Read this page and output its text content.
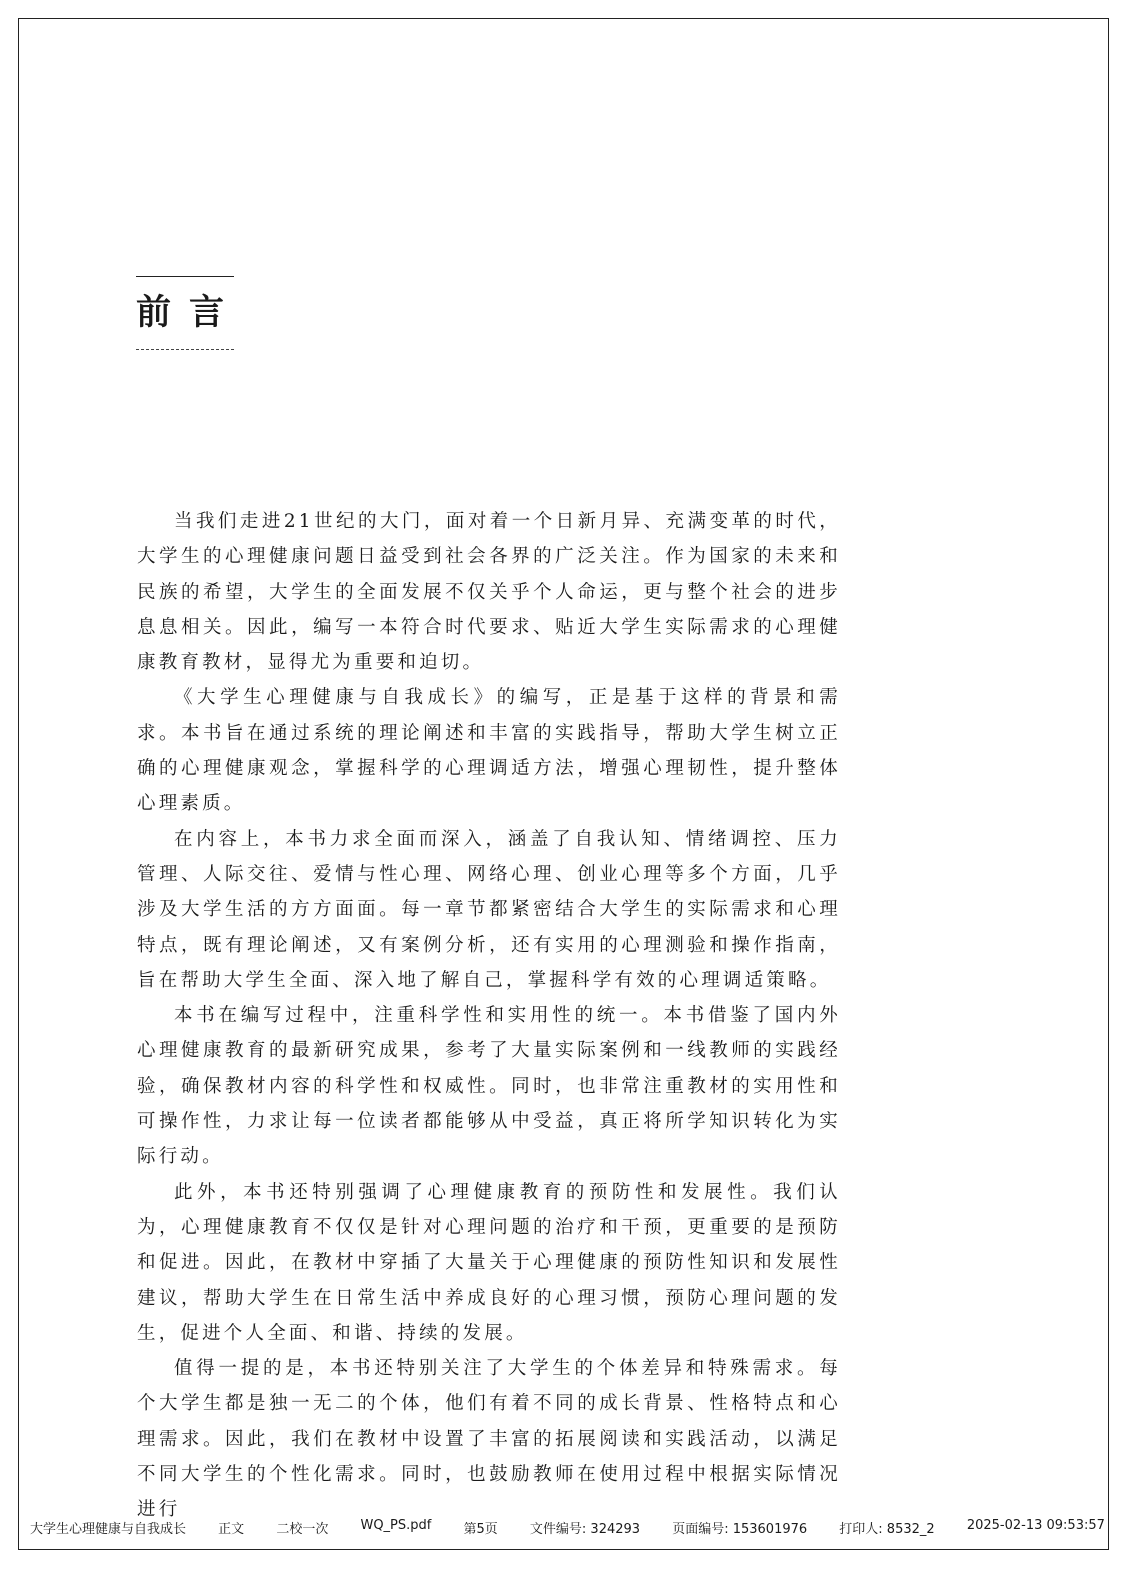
前言

当我们走进21世纪的大门，面对着一个日新月异、充满变革的时代，大学生的心理健康问题日益受到社会各界的广泛关注。作为国家的未来和民族的希望，大学生的全面发展不仅关乎个人命运，更与整个社会的进步息息相关。因此，编写一本符合时代要求、贴近大学生实际需求的心理健康教育教材，显得尤为重要和迫切。

《大学生心理健康与自我成长》的编写，正是基于这样的背景和需求。本书旨在通过系统的理论阐述和丰富的实践指导，帮助大学生树立正确的心理健康观念，掌握科学的心理调适方法，增强心理韧性，提升整体心理素质。

在内容上，本书力求全面而深入，涵盖了自我认知、情绪调控、压力管理、人际交往、爱情与性心理、网络心理、创业心理等多个方面，几乎涉及大学生活的方方面面。每一章节都紧密结合大学生的实际需求和心理特点，既有理论阐述，又有案例分析，还有实用的心理测验和操作指南，旨在帮助大学生全面、深入地了解自己，掌握科学有效的心理调适策略。

本书在编写过程中，注重科学性和实用性的统一。本书借鉴了国内外心理健康教育的最新研究成果，参考了大量实际案例和一线教师的实践经验，确保教材内容的科学性和权威性。同时，也非常注重教材的实用性和可操作性，力求让每一位读者都能够从中受益，真正将所学知识转化为实际行动。

此外，本书还特别强调了心理健康教育的预防性和发展性。我们认为，心理健康教育不仅仅是针对心理问题的治疗和干预，更重要的是预防和促进。因此，在教材中穿插了大量关于心理健康的预防性知识和发展性建议，帮助大学生在日常生活中养成良好的心理习惯，预防心理问题的发生，促进个人全面、和谐、持续的发展。

值得一提的是，本书还特别关注了大学生的个体差异和特殊需求。每个大学生都是独一无二的个体，他们有着不同的成长背景、性格特点和心理需求。因此，我们在教材中设置了丰富的拓展阅读和实践活动，以满足不同大学生的个性化需求。同时，也鼓励教师在使用过程中根据实际情况进行

大学生心理健康与自我成长 正文 二校一次 WQ_PS.pdf 第5页 文件编号: 324293 页面编号: 153601976 打印人: 8532_2 2025-02-13 09:53:57
